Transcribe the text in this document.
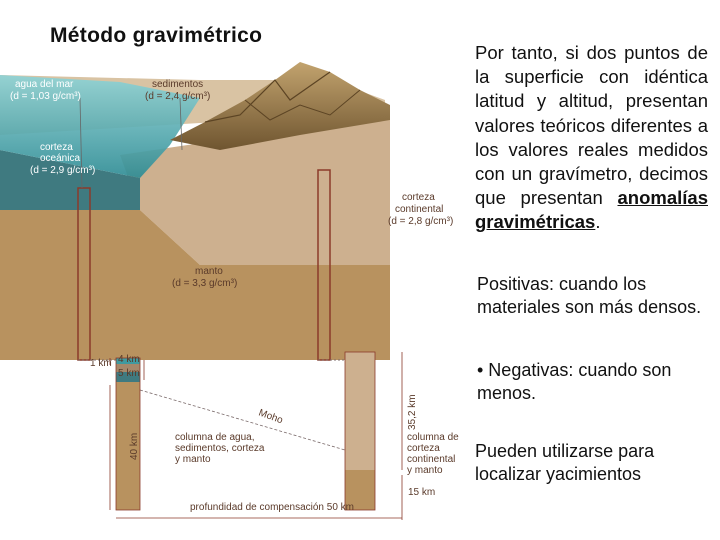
Método gravimétrico

Por tanto, si dos puntos de la superficie con idéntica latitud y altitud, presentan valores teóricos diferentes a los valores reales medidos con un gravímetro, decimos que presentan anomalías gravimétricas.

Positivas: cuando los materiales son más densos.

• Negativas: cuando son menos.

Pueden utilizarse para localizar yacimientos

agua del mar
(d = 1,03 g/cm³)
sedimentos
(d = 2,4 g/cm³)
corteza
oceánica
(d = 2,9 g/cm³)
corteza
continental
(d = 2,8 g/cm³)
manto
(d = 3,3 g/cm³)
1 km 4 km
5 km
40 km
35,2 km
15 km
Moho
columna de agua,
sedimentos, corteza
y manto
columna de
corteza
continental
y manto
profundidad de compensación 50 km
